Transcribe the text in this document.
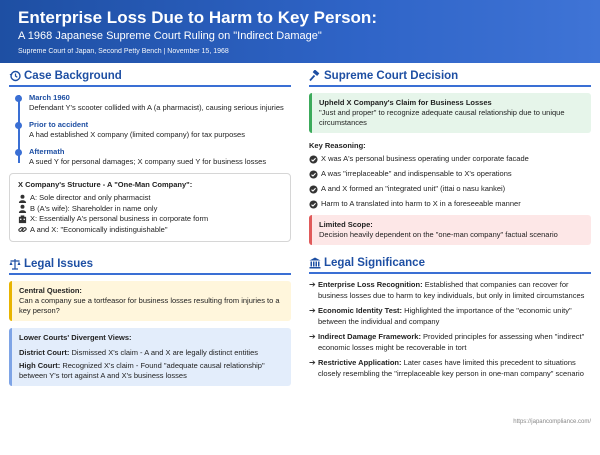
Enterprise Loss Due to Harm to Key Person:
A 1968 Japanese Supreme Court Ruling on "Indirect Damage"
Supreme Court of Japan, Second Petty Bench | November 15, 1968
Case Background
March 1960
Defendant Y's scooter collided with A (a pharmacist), causing serious injuries
Prior to accident
A had established X company (limited company) for tax purposes
Aftermath
A sued Y for personal damages; X company sued Y for business losses
X Company's Structure - A "One-Man Company":
A: Sole director and only pharmacist
B (A's wife): Shareholder in name only
X: Essentially A's personal business in corporate form
A and X: "Economically indistinguishable"
Legal Issues
Central Question:
Can a company sue a tortfeasor for business losses resulting from injuries to a key person?
Lower Courts' Divergent Views:
District Court: Dismissed X's claim - A and X are legally distinct entities
High Court: Recognized X's claim - Found "adequate causal relationship" between Y's tort against A and X's business losses
Supreme Court Decision
Upheld X Company's Claim for Business Losses
"Just and proper" to recognize adequate causal relationship due to unique circumstances
Key Reasoning:
X was A's personal business operating under corporate facade
A was "irreplaceable" and indispensable to X's operations
A and X formed an "integrated unit" (ittai o nasu kankei)
Harm to A translated into harm to X in a foreseeable manner
Limited Scope:
Decision heavily dependent on the "one-man company" factual scenario
Legal Significance
➔ Enterprise Loss Recognition: Established that companies can recover for business losses due to harm to key individuals, but only in limited circumstances
➔ Economic Identity Test: Highlighted the importance of the "economic unity" between the individual and company
➔ Indirect Damage Framework: Provided principles for assessing when "indirect" economic losses might be recoverable in tort
➔ Restrictive Application: Later cases have limited this precedent to situations closely resembling the "irreplaceable key person in one-man company" scenario
https://japancompliance.com/
